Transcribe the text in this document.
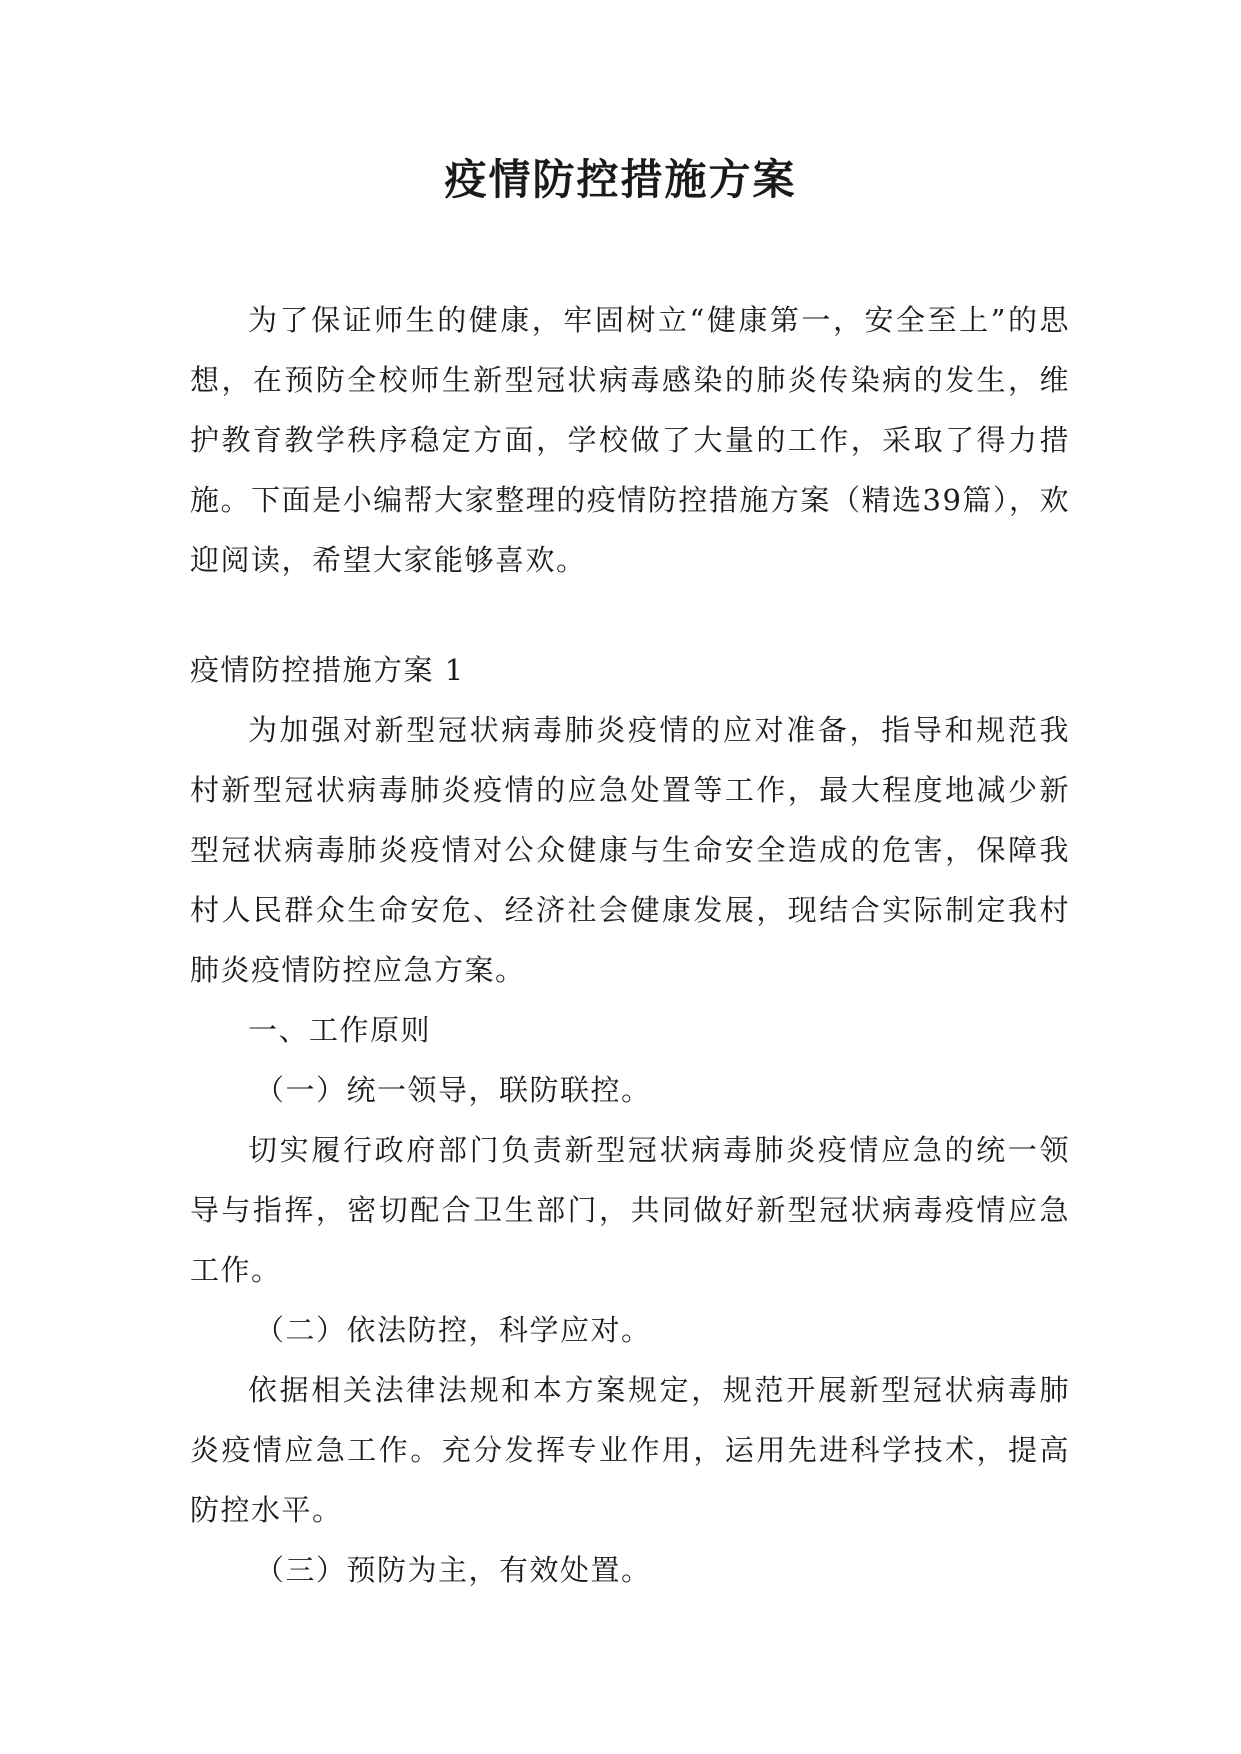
疫情防控措施方案

为了保证师生的健康，牢固树立“健康第一，安全至上”的思想，在预防全校师生新型冠状病毒感染的肺炎传染病的发生，维护教育教学秩序稳定方面，学校做了大量的工作，采取了得力措施。下面是小编帮大家整理的疫情防控措施方案（精选39篇），欢迎阅读，希望大家能够喜欢。

疫情防控措施方案 1

为加强对新型冠状病毒肺炎疫情的应对准备，指导和规范我村新型冠状病毒肺炎疫情的应急处置等工作，最大程度地减少新型冠状病毒肺炎疫情对公众健康与生命安全造成的危害，保障我村人民群众生命安危、经济社会健康发展，现结合实际制定我村肺炎疫情防控应急方案。

一、工作原则

（一）统一领导，联防联控。

切实履行政府部门负责新型冠状病毒肺炎疫情应急的统一领导与指挥，密切配合卫生部门，共同做好新型冠状病毒疫情应急工作。

（二）依法防控，科学应对。

依据相关法律法规和本方案规定，规范开展新型冠状病毒肺炎疫情应急工作。充分发挥专业作用，运用先进科学技术，提高防控水平。

（三）预防为主，有效处置。
